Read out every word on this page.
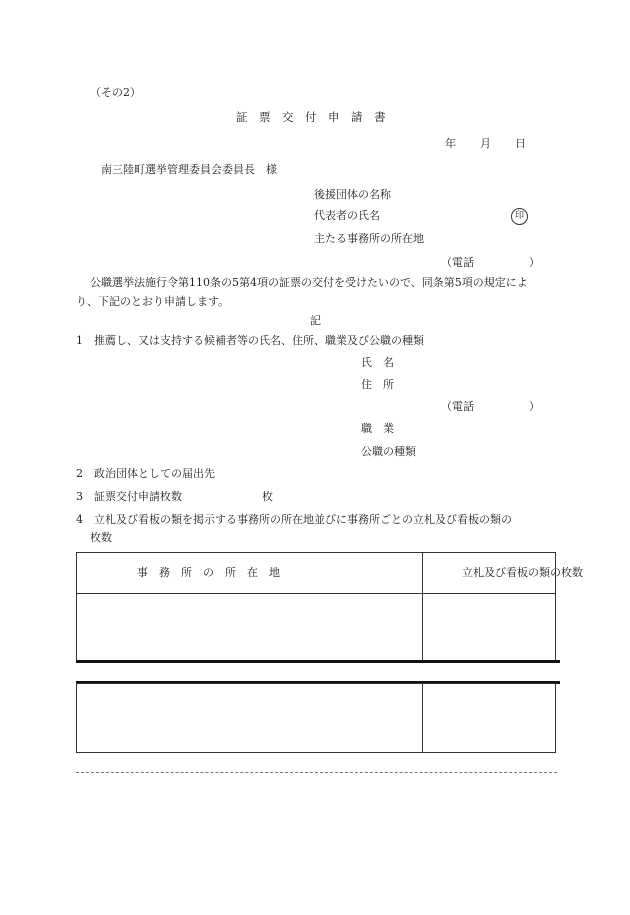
（その2）
証　票　交　付　申　請　書
年 月 日
南三陸町選挙管理委員会委員長　様
後援団体の名称
代表者の氏名	印
主たる事務所の所在地
（電話　　　　　）
公職選挙法施行令第110条の5第4項の証票の交付を受けたいので、同条第5項の規定によ
り、下記のとおり申請します。
記
1　推薦し、又は支持する候補者等の氏名、住所、職業及び公職の種類
氏　名
住　所
（電話　　　　　）
職　業
公職の種類
2　政治団体としての届出先
3　証票交付申請枚数	枚
4　立札及び看板の類を掲示する事務所の所在地並びに事務所ごとの立札及び看板の類の
枚数
事　務　所　の　所　在　地	立札及び看板の類の枚数
